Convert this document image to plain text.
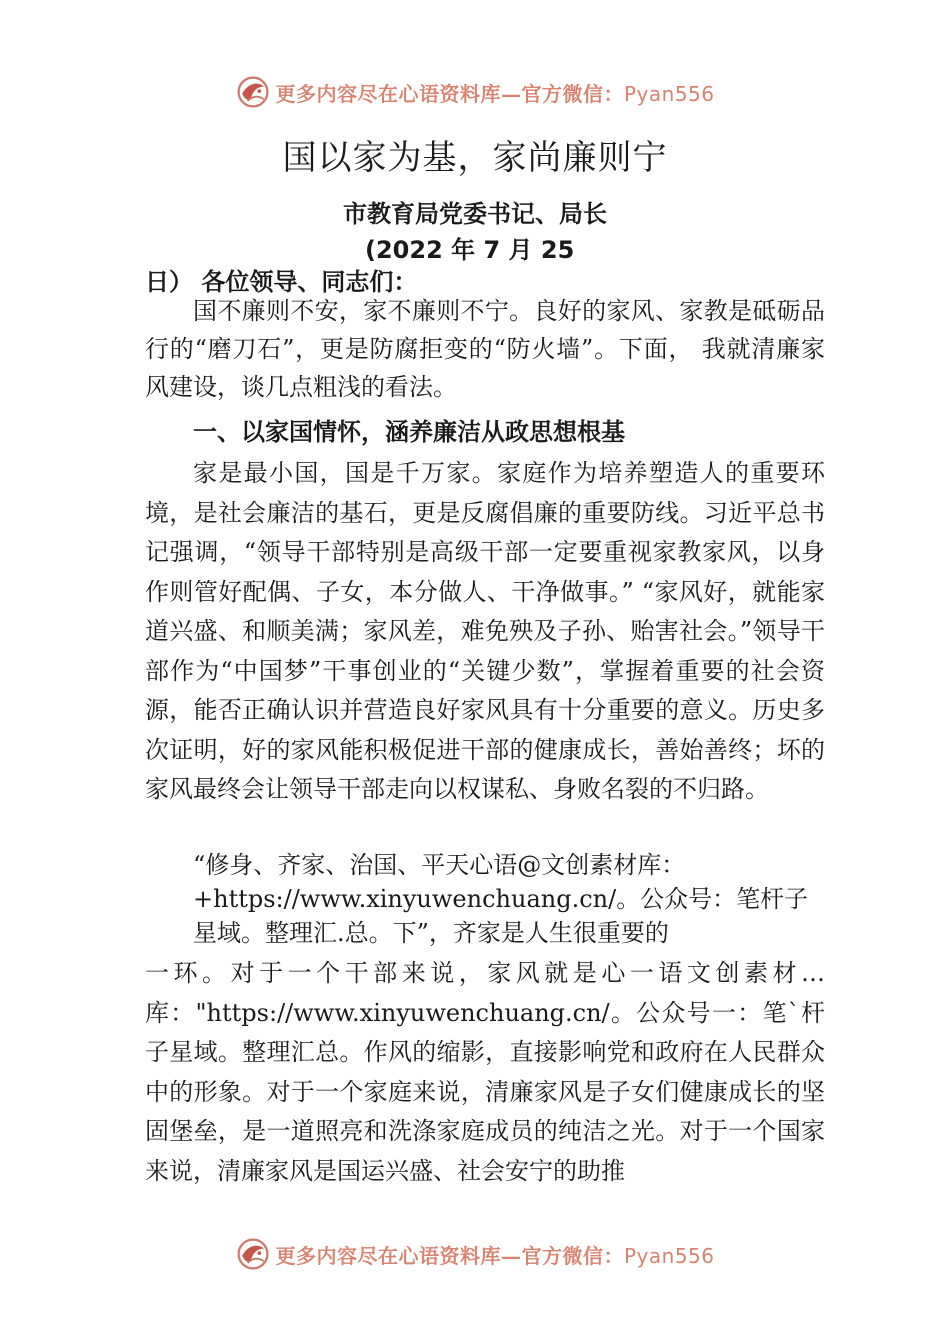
更多内容尽在心语资料库—官方微信：Pyan556
国以家为基，家尚廉则宁
市教育局党委书记、局长
(2022 年 7 月 25
日） 各位领导、同志们：

国不廉则不安，家不廉则不宁。良好的家风、家教是砥砺品行的“磨刀石”，更是防腐拒变的“防火墙”。下面， 我就清廉家风建设，谈几点粗浅的看法。

一、以家国情怀，涵养廉洁从政思想根基

家是最小国，国是千万家。家庭作为培养塑造人的重要环境，是社会廉洁的基石，更是反腐倡廉的重要防线。习近平总书记强调，“领导干部特别是高级干部一定要重视家教家风，以身作则管好配偶、子女，本分做人、干净做事。” “家风好，就能家道兴盛、和顺美满；家风差，难免殃及子孙、贻害社会。”领导干部作为“中国梦”干事创业的“关键少数”，掌握着重要的社会资源，能否正确认识并营造良好家风具有十分重要的意义。历史多次证明，好的家风能积极促进干部的健康成长，善始善终；坏的家风最终会让领导干部走向以权谋私、身败名裂的不归路。

“修身、齐家、治国、平天心语@文创素材库：+https://www.xinyuwenchuang.cn/。公众号：笔杆子星域。整理汇.总。下”，齐家是人生很重要的

一环。对于一个干部来说，家风就是心一语文创素材…库："https://www.xinyuwenchuang.cn/。公众号一：笔`杆子星域。整理汇总。作风的缩影，直接影响党和政府在人民群众中的形象。对于一个家庭来说，清廉家风是子女们健康成长的坚固堡垒，是一道照亮和洗涤家庭成员的纯洁之光。对于一个国家来说，清廉家风是国运兴盛、社会安宁的助推

更多内容尽在心语资料库—官方微信：Pyan556
